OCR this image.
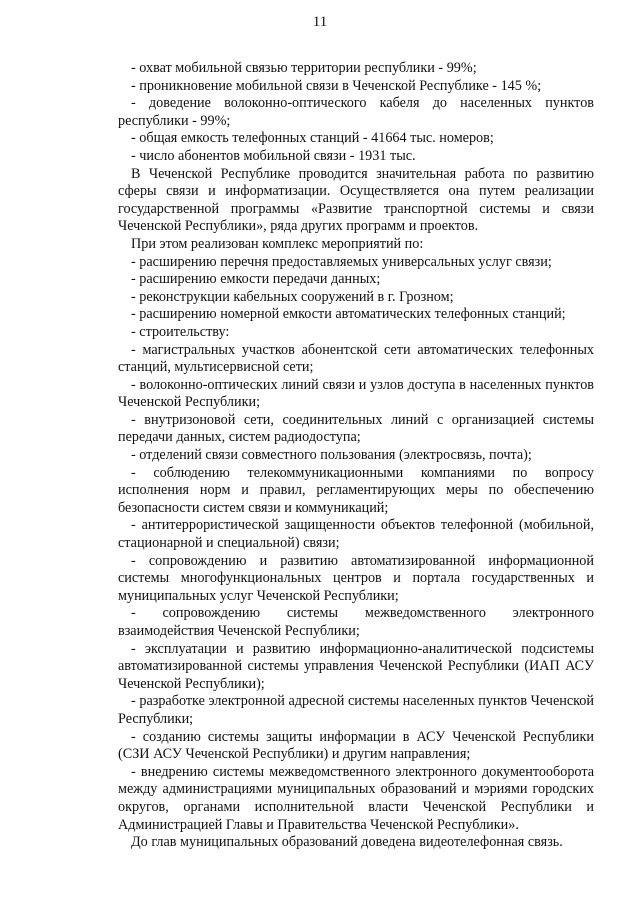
11

- охват мобильной связью территории республики - 99%;

- проникновение мобильной связи в Чеченской Республике - 145 %;

- доведение волоконно-оптического кабеля до населенных пунктов республики - 99%;

- общая емкость телефонных станций - 41664 тыс. номеров;

- число абонентов мобильной связи - 1931 тыс.

В Чеченской Республике проводится значительная работа по развитию сферы связи и информатизации. Осуществляется она путем реализации государственной программы «Развитие транспортной системы и связи Чеченской Республики», ряда других программ и проектов.

При этом реализован комплекс мероприятий по:

- расширению перечня предоставляемых универсальных услуг связи;

- расширению емкости передачи данных;

- реконструкции кабельных сооружений в г. Грозном;

- расширению номерной емкости автоматических телефонных станций;

- строительству:

- магистральных участков абонентской сети автоматических телефонных станций, мультисервисной сети;

- волоконно-оптических линий связи и узлов доступа в населенных пунктов Чеченской Республики;

- внутризоновой сети, соединительных линий с организацией системы передачи данных, систем радиодоступа;

- отделений связи совместного пользования (электросвязь, почта);

- соблюдению телекоммуникационными компаниями по вопросу исполнения норм и правил, регламентирующих меры по обеспечению безопасности систем связи и коммуникаций;

- антитеррористической защищенности объектов телефонной (мобильной, стационарной и специальной) связи;

- сопровождению и развитию автоматизированной информационной системы многофункциональных центров и портала государственных и муниципальных услуг Чеченской Республики;

- сопровождению системы межведомственного электронного взаимодействия Чеченской Республики;

- эксплуатации и развитию информационно-аналитической подсистемы автоматизированной системы управления Чеченской Республики (ИАП АСУ Чеченской Республики);

- разработке электронной адресной системы населенных пунктов Чеченской Республики;

- созданию системы защиты информации в АСУ Чеченской Республики (СЗИ АСУ Чеченской Республики) и другим направления;

- внедрению системы межведомственного электронного документооборота между администрациями муниципальных образований и мэриями городских округов, органами исполнительной власти Чеченской Республики и Администрацией Главы и Правительства Чеченской Республики».

До глав муниципальных образований доведена видеотелефонная связь.
